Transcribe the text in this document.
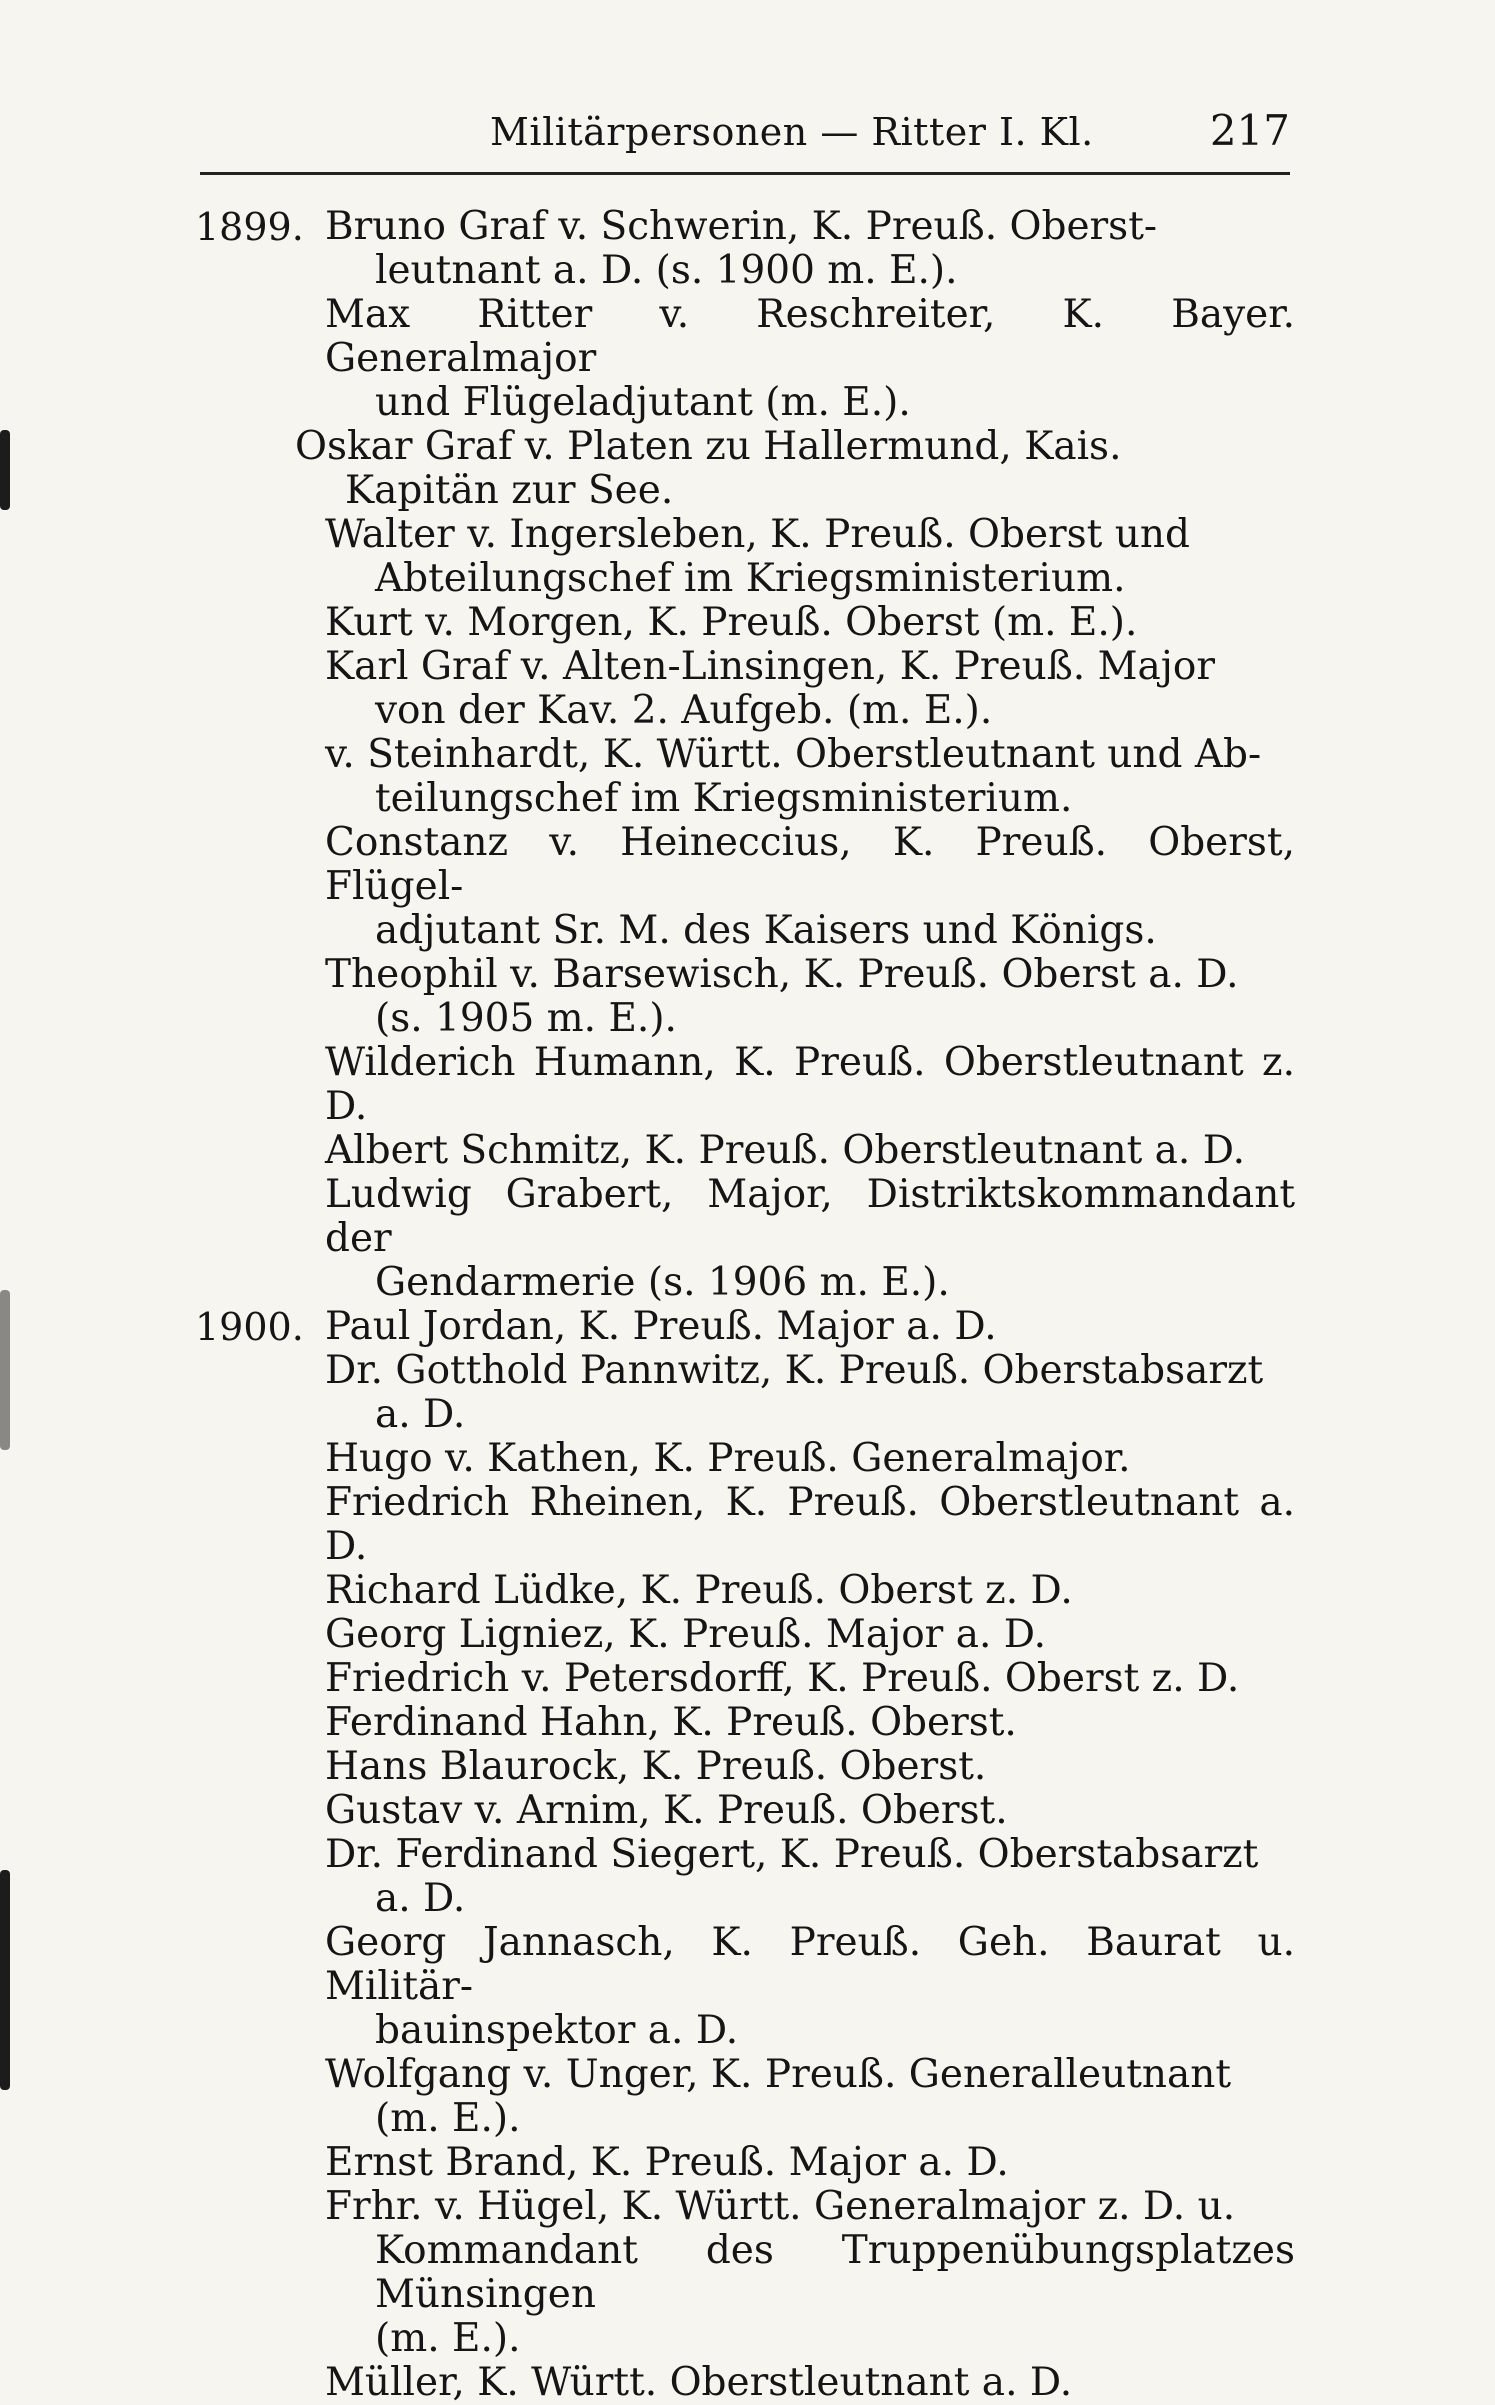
Militärpersonen — Ritter I. Kl.	217
1899. Bruno Graf v. Schwerin, K. Preuß. Oberst-
leutnant a. D. (s. 1900 m. E.).
Max Ritter v. Reschreiter, K. Bayer. Generalmajor
und Flügeladjutant (m. E.).
Oskar Graf v. Platen zu Hallermund, Kais.
Kapitän zur See.
Walter v. Ingersleben, K. Preuß. Oberst und
Abteilungschef im Kriegsministerium.
Kurt v. Morgen, K. Preuß. Oberst (m. E.).
Karl Graf v. Alten-Linsingen, K. Preuß. Major
von der Kav. 2. Aufgeb. (m. E.).
v. Steinhardt, K. Württ. Oberstleutnant und Ab-
teilungschef im Kriegsministerium.
Constanz v. Heineccius, K. Preuß. Oberst, Flügel-
adjutant Sr. M. des Kaisers und Königs.
Theophil v. Barsewisch, K. Preuß. Oberst a. D.
(s. 1905 m. E.).
Wilderich Humann, K. Preuß. Oberstleutnant z. D.
Albert Schmitz, K. Preuß. Oberstleutnant a. D.
Ludwig Grabert, Major, Distriktskommandant der
Gendarmerie (s. 1906 m. E.).
1900. Paul Jordan, K. Preuß. Major a. D.
Dr. Gotthold Pannwitz, K. Preuß. Oberstabsarzt
a. D.
Hugo v. Kathen, K. Preuß. Generalmajor.
Friedrich Rheinen, K. Preuß. Oberstleutnant a. D.
Richard Lüdke, K. Preuß. Oberst z. D.
Georg Ligniez, K. Preuß. Major a. D.
Friedrich v. Petersdorff, K. Preuß. Oberst z. D.
Ferdinand Hahn, K. Preuß. Oberst.
Hans Blaurock, K. Preuß. Oberst.
Gustav v. Arnim, K. Preuß. Oberst.
Dr. Ferdinand Siegert, K. Preuß. Oberstabsarzt
a. D.
Georg Jannasch, K. Preuß. Geh. Baurat u. Militär-
bauinspektor a. D.
Wolfgang v. Unger, K. Preuß. Generalleutnant
(m. E.).
Ernst Brand, K. Preuß. Major a. D.
Frhr. v. Hügel, K. Württ. Generalmajor z. D. u.
Kommandant des Truppenübungsplatzes Münsingen
(m. E.).
Müller, K. Württ. Oberstleutnant a. D.
